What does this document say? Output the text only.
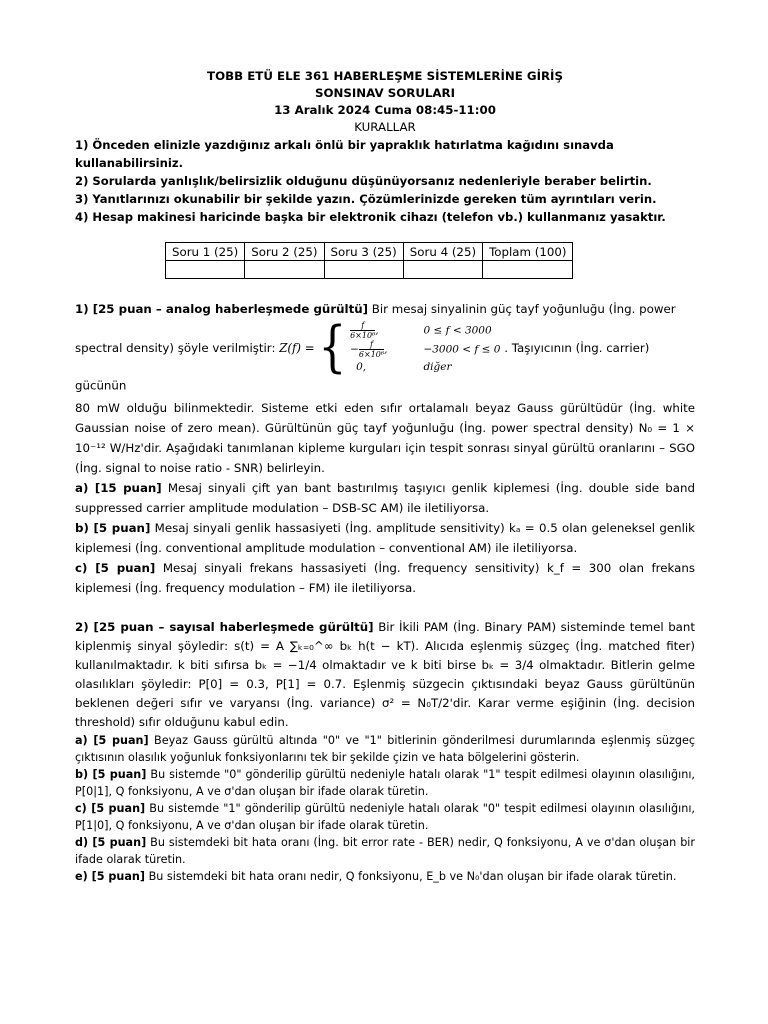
TOBB ETÜ ELE 361 HABERLEŞME SİSTEMLERİNE GİRİŞ
SONSINAV SORULARI
13 Aralık 2024 Cuma 08:45-11:00
KURALLAR
1) Önceden elinizle yazdığınız arkalı önlü bir yapraklık hatırlatma kağıdını sınavda kullanabilirsiniz.
2) Sorularda yanlışlık/belirsizlik olduğunu düşünüyorsanız nedenleriyle beraber belirtin.
3) Yanıtlarınızı okunabilir bir şekilde yazın. Çözümlerinizde gereken tüm ayrıntıları verin.
4) Hesap makinesi haricinde başka bir elektronik cihazı (telefon vb.) kullanmanız yasaktır.
Soru 1 (25)	Soru 2 (25)	Soru 3 (25)	Soru 4 (25)	Toplam (100)

1) [25 puan – analog haberleşmede gürültü] Bir mesaj sinyalinin güç tayf yoğunluğu (İng. power
spectral density) şöyle verilmiştir: Z(f) = { $\frac{f}{\text{6×10⁶}}$ ,	0 ≤ f < 3000
− $\frac{f}{\text{6×10⁶}}$ ,	−3000 < f ≤ 0
0,	diğer
. Taşıyıcının (İng. carrier) gücünün
80 mW olduğu bilinmektedir. Sisteme etki eden sıfır ortalamalı beyaz Gauss gürültüdür (İng. white Gaussian noise of zero mean). Gürültünün güç tayf yoğunluğu (İng. power spectral density) N₀ = 1 × 10⁻¹² W/Hz'dir. Aşağıdaki tanımlanan kipleme kurguları için tespit sonrası sinyal gürültü oranlarını – SGO (İng. signal to noise ratio - SNR) belirleyin.
a) [15 puan] Mesaj sinyali çift yan bant bastırılmış taşıyıcı genlik kiplemesi (İng. double side band suppressed carrier amplitude modulation – DSB-SC AM) ile iletiliyorsa.
b) [5 puan] Mesaj sinyali genlik hassasiyeti (İng. amplitude sensitivity) kₐ = 0.5 olan geleneksel genlik kiplemesi (İng. conventional amplitude modulation – conventional AM) ile iletiliyorsa.
c) [5 puan] Mesaj sinyali frekans hassasiyeti (İng. frequency sensitivity) k_f = 300 olan frekans kiplemesi (İng. frequency modulation – FM) ile iletiliyorsa.
2) [25 puan – sayısal haberleşmede gürültü] Bir İkili PAM (İng. Binary PAM) sisteminde temel bant kiplenmiş sinyal şöyledir: s(t) = A ∑ₖ₌₀^∞ bₖ h(t − kT). Alıcıda eşlenmiş süzgeç (İng. matched fiter) kullanılmaktadır. k biti sıfırsa bₖ = −1/4 olmaktadır ve k biti birse bₖ = 3/4 olmaktadır. Bitlerin gelme olasılıkları şöyledir: P[0] = 0.3, P[1] = 0.7. Eşlenmiş süzgecin çıktısındaki beyaz Gauss gürültünün beklenen değeri sıfır ve varyansı (İng. variance) σ² = N₀T/2'dir. Karar verme eşiğinin (İng. decision threshold) sıfır olduğunu kabul edin.
a) [5 puan] Beyaz Gauss gürültü altında "0" ve "1" bitlerinin gönderilmesi durumlarında eşlenmiş süzgeç çıktısının olasılık yoğunluk fonksiyonlarını tek bir şekilde çizin ve hata bölgelerini gösterin.
b) [5 puan] Bu sistemde "0" gönderilip gürültü nedeniyle hatalı olarak "1" tespit edilmesi olayının olasılığını, P[0|1], Q fonksiyonu, A ve σ'dan oluşan bir ifade olarak türetin.
c) [5 puan] Bu sistemde "1" gönderilip gürültü nedeniyle hatalı olarak "0" tespit edilmesi olayının olasılığını, P[1|0], Q fonksiyonu, A ve σ'dan oluşan bir ifade olarak türetin.
d) [5 puan] Bu sistemdeki bit hata oranı (İng. bit error rate - BER) nedir, Q fonksiyonu, A ve σ'dan oluşan bir ifade olarak türetin.
e) [5 puan] Bu sistemdeki bit hata oranı nedir, Q fonksiyonu, E_b ve N₀'dan oluşan bir ifade olarak türetin.
